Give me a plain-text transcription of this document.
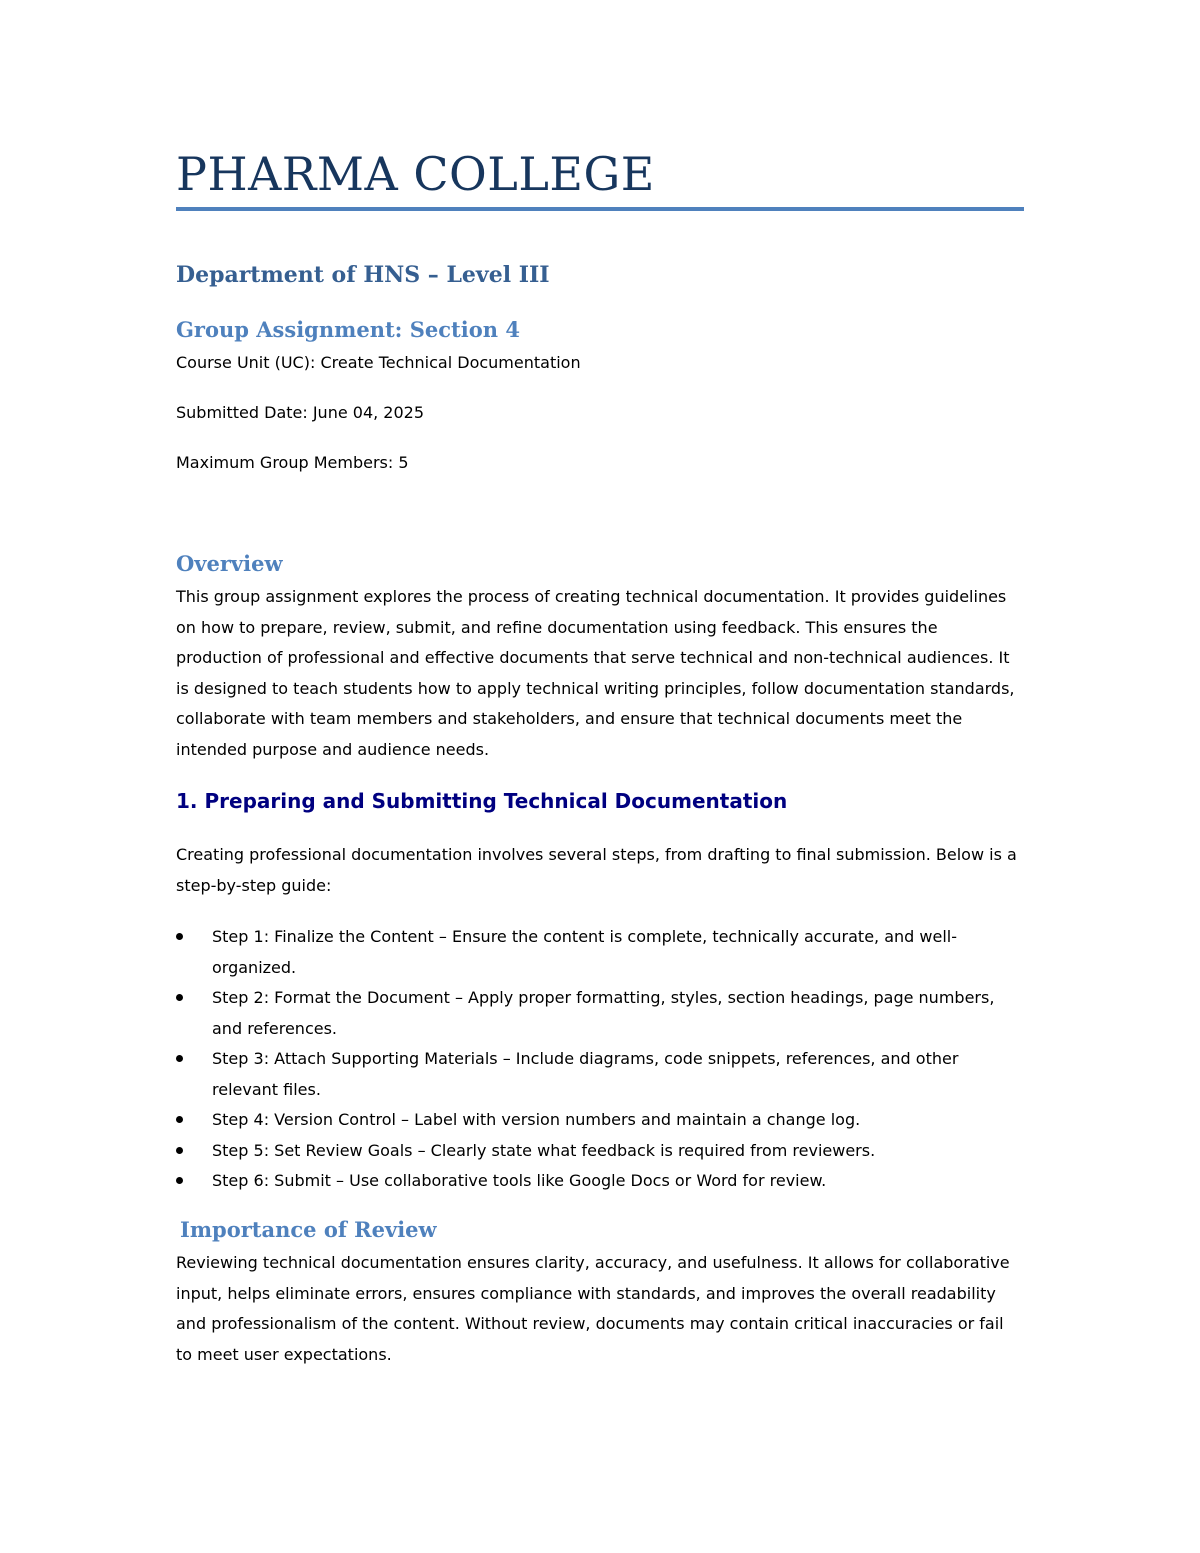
PHARMA COLLEGE
Department of HNS – Level III
Group Assignment: Section 4

Course Unit (UC): Create Technical Documentation

Submitted Date: June 04, 2025

Maximum Group Members: 5

Overview

This group assignment explores the process of creating technical documentation. It provides guidelines on how to prepare, review, submit, and refine documentation using feedback. This ensures the production of professional and effective documents that serve technical and non-technical audiences. It is designed to teach students how to apply technical writing principles, follow documentation standards, collaborate with team members and stakeholders, and ensure that technical documents meet the intended purpose and audience needs.

1. Preparing and Submitting Technical Documentation

Creating professional documentation involves several steps, from drafting to final submission. Below is a step-by-step guide:

Step 1: Finalize the Content – Ensure the content is complete, technically accurate, and well-organized.
Step 2: Format the Document – Apply proper formatting, styles, section headings, page numbers, and references.
Step 3: Attach Supporting Materials – Include diagrams, code snippets, references, and other relevant files.
Step 4: Version Control – Label with version numbers and maintain a change log.
Step 5: Set Review Goals – Clearly state what feedback is required from reviewers.
Step 6: Submit – Use collaborative tools like Google Docs or Word for review.
Importance of Review

Reviewing technical documentation ensures clarity, accuracy, and usefulness. It allows for collaborative input, helps eliminate errors, ensures compliance with standards, and improves the overall readability and professionalism of the content. Without review, documents may contain critical inaccuracies or fail to meet user expectations.
